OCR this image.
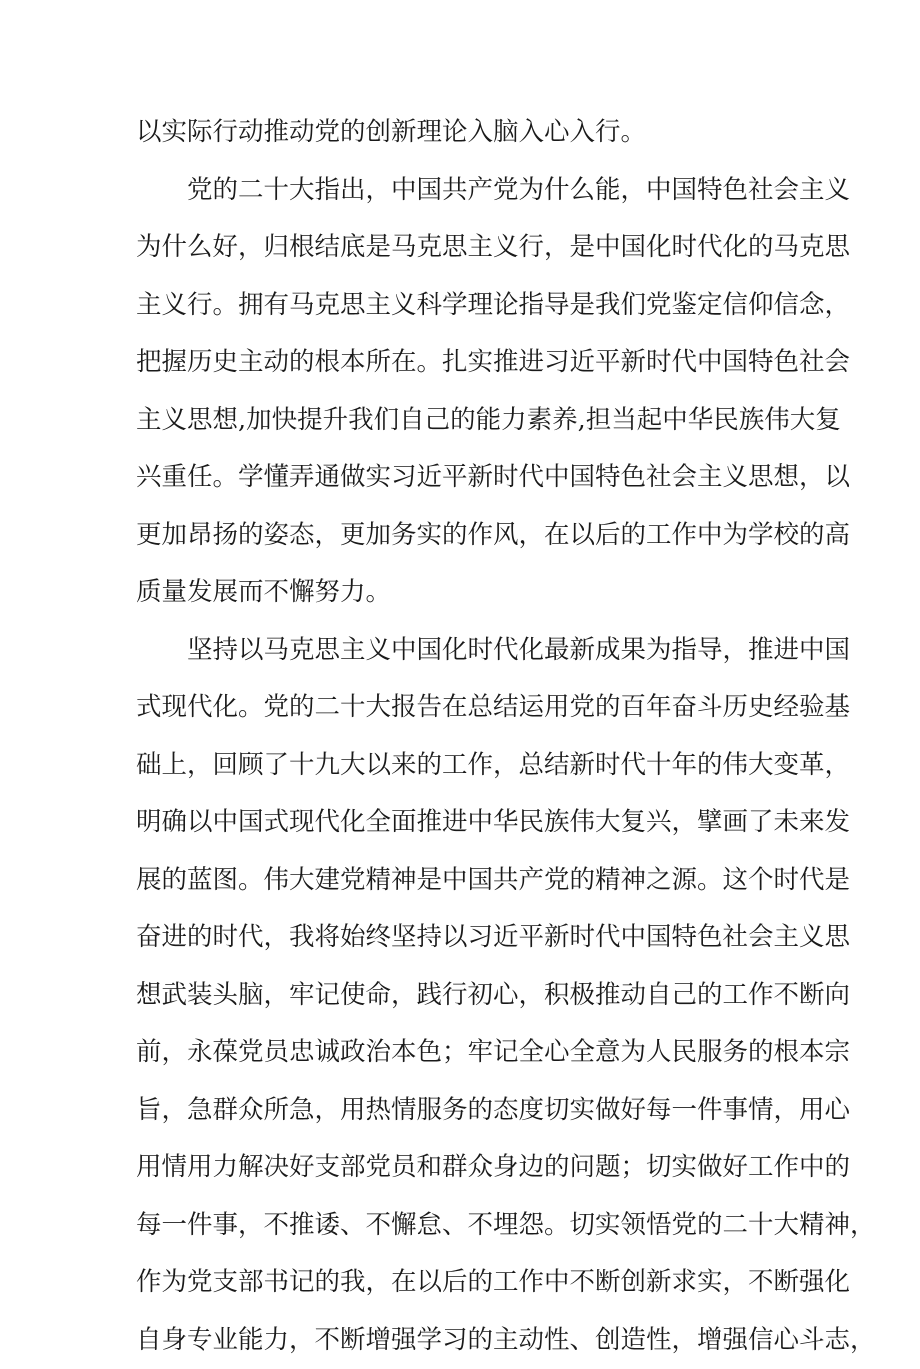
以实际行动推动党的创新理论入脑入心入行。
党的二十大指出，中国共产党为什么能，中国特色社会主义
为什么好，归根结底是马克思主义行，是中国化时代化的马克思
主义行。拥有马克思主义科学理论指导是我们党鉴定信仰信念，
把握历史主动的根本所在。扎实推进习近平新时代中国特色社会
主义思想,加快提升我们自己的能力素养,担当起中华民族伟大复
兴重任。学懂弄通做实习近平新时代中国特色社会主义思想，以
更加昂扬的姿态，更加务实的作风，在以后的工作中为学校的高
质量发展而不懈努力。
坚持以马克思主义中国化时代化最新成果为指导，推进中国
式现代化。党的二十大报告在总结运用党的百年奋斗历史经验基
础上，回顾了十九大以来的工作，总结新时代十年的伟大变革，
明确以中国式现代化全面推进中华民族伟大复兴，擘画了未来发
展的蓝图。伟大建党精神是中国共产党的精神之源。这个时代是
奋进的时代，我将始终坚持以习近平新时代中国特色社会主义思
想武装头脑，牢记使命，践行初心，积极推动自己的工作不断向
前，永葆党员忠诚政治本色；牢记全心全意为人民服务的根本宗
旨，急群众所急，用热情服务的态度切实做好每一件事情，用心
用情用力解决好支部党员和群众身边的问题；切实做好工作中的
每一件事，不推诿、不懈怠、不埋怨。切实领悟党的二十大精神，
作为党支部书记的我，在以后的工作中不断创新求实，不断强化
自身专业能力，不断增强学习的主动性、创造性，增强信心斗志，
